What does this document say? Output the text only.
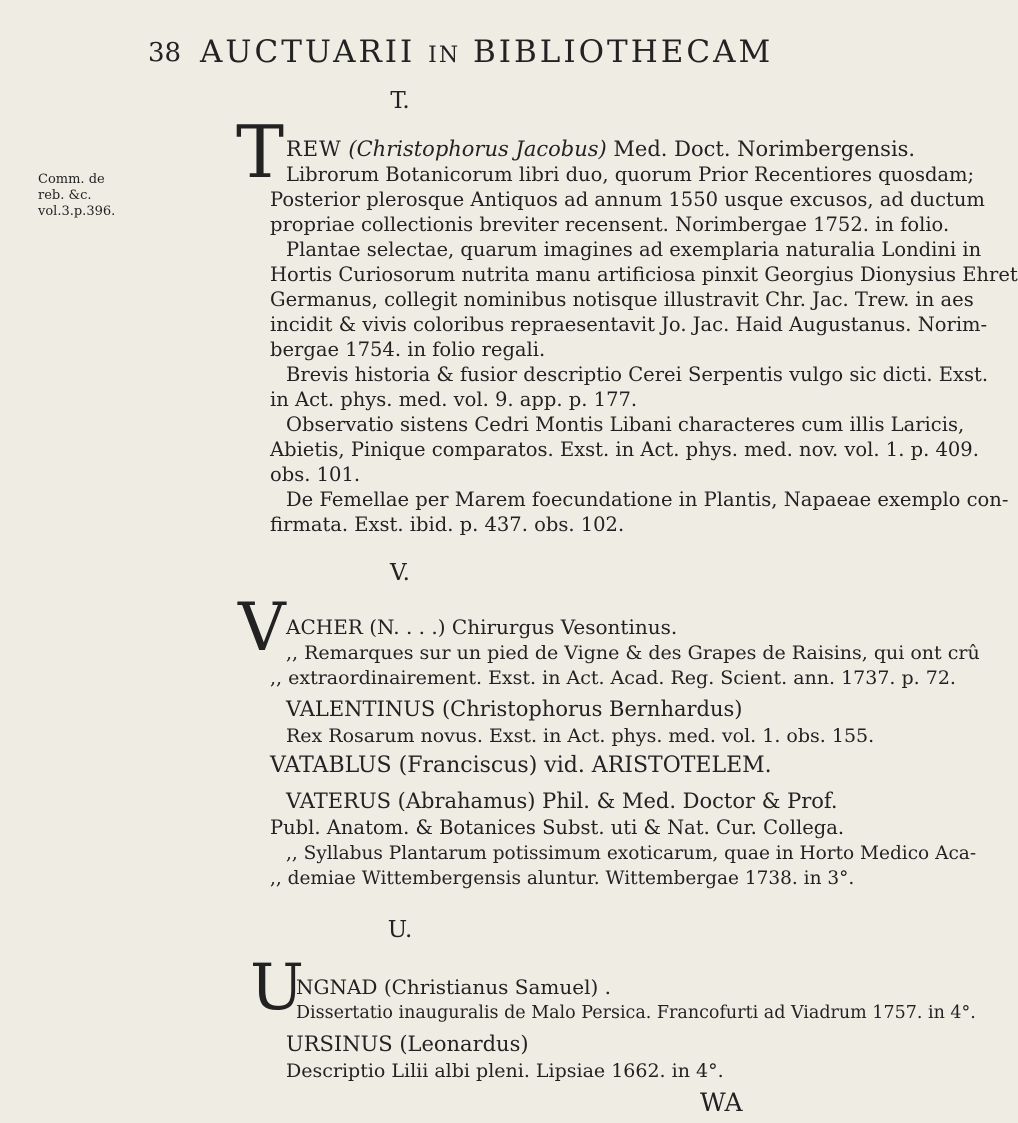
38 AUCTUARII IN BIBLIOTHECAM
T.
T REW (Christophorus Jacobus) Med. Doct. Norimbergensis.
Librorum Botanicorum libri duo, quorum Prior Recentiores quosdam;
Posterior plerosque Antiquos ad annum 1550 usque excusos, ad ductum
propriae collectionis breviter recensent. Norimbergae 1752. in folio.
Plantae selectae, quarum imagines ad exemplaria naturalia Londini in
Hortis Curiosorum nutrita manu artificiosa pinxit Georgius Dionysius Ehret
Germanus, collegit nominibus notisque illustravit Chr. Jac. Trew. in aes
incidit & vivis coloribus repraesentavit Jo. Jac. Haid Augustanus. Norim-
bergae 1754. in folio regali.
Brevis historia & fusior descriptio Cerei Serpentis vulgo sic dicti. Exst.
in Act. phys. med. vol. 9. app. p. 177.
Observatio sistens Cedri Montis Libani characteres cum illis Laricis,
Abietis, Pinique comparatos. Exst. in Act. phys. med. nov. vol. 1. p. 409.
obs. 101.
De Femellae per Marem foecundatione in Plantis, Napaeae exemplo con-
firmata. Exst. ibid. p. 437. obs. 102.
Comm. de
reb. &c.
vol.3.p.396.
V.
V ACHER (N. . . .) Chirurgus Vesontinus.
,, Remarques sur un pied de Vigne & des Grapes de Raisins, qui ont crû
,, extraordinairement. Exst. in Act. Acad. Reg. Scient. ann. 1737. p. 72.
VALENTINUS (Christophorus Bernhardus)
Rex Rosarum novus. Exst. in Act. phys. med. vol. 1. obs. 155.
VATABLUS (Franciscus) vid. ARISTOTELEM.
VATERUS (Abrahamus) Phil. & Med. Doctor & Prof.
Publ. Anatom. & Botanices Subst. uti & Nat. Cur. Collega.
,, Syllabus Plantarum potissimum exoticarum, quae in Horto Medico Aca-
,, demiae Wittembergensis aluntur. Wittembergae 1738. in 3°.
U.
U
NGNAD (Christianus Samuel) .
Dissertatio inauguralis de Malo Persica. Francofurti ad Viadrum 1757. in 4°.
URSINUS (Leonardus)
Descriptio Lilii albi pleni. Lipsiae 1662. in 4°.
WA
